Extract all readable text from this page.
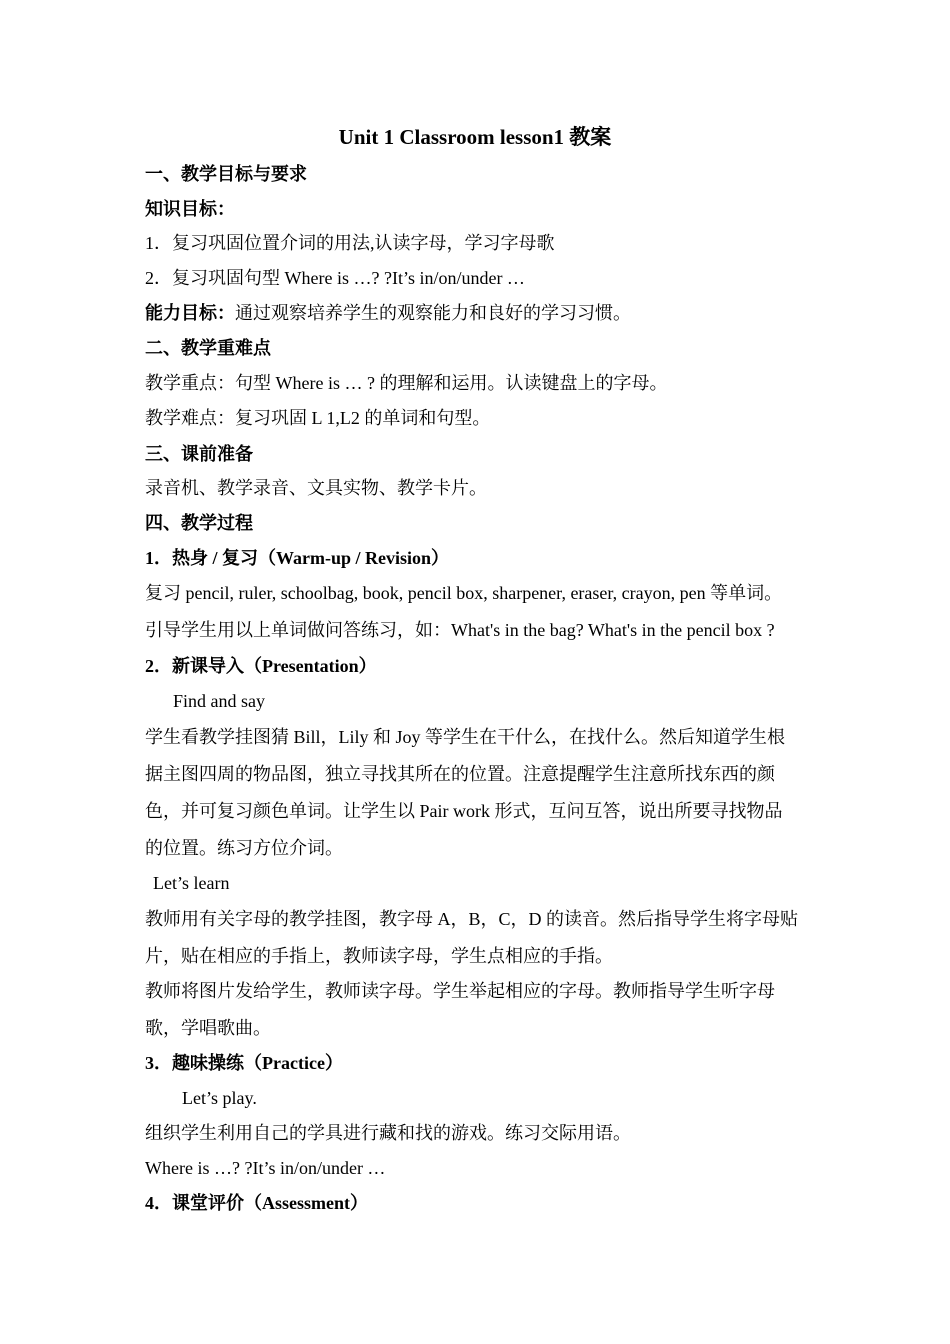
Unit 1 Classroom lesson1 教案
一、教学目标与要求
知识目标：
1．复习巩固位置介词的用法,认读字母，学习字母歌
2．复习巩固句型 Where is …? ?It’s in/on/under …
能力目标：通过观察培养学生的观察能力和良好的学习习惯。
二、教学重难点
教学重点：句型 Where is … ? 的理解和运用。认读键盘上的字母。
教学难点：复习巩固 L 1,L2 的单词和句型。
三、课前准备
录音机、教学录音、文具实物、教学卡片。
四、教学过程
1．热身 / 复习（Warm-up / Revision）
复习 pencil, ruler, schoolbag, book, pencil box, sharpener, eraser, crayon, pen 等单词。
引导学生用以上单词做问答练习，如：What's in the bag? What's in the pencil box ?
2．新课导入（Presentation）
Find and say
学生看教学挂图猜 Bill，Lily 和 Joy 等学生在干什么，在找什么。然后知道学生根
据主图四周的物品图，独立寻找其所在的位置。注意提醒学生注意所找东西的颜
色，并可复习颜色单词。让学生以 Pair work 形式，互问互答，说出所要寻找物品
的位置。练习方位介词。
Let’s learn
教师用有关字母的教学挂图，教字母 A，B，C，D 的读音。然后指导学生将字母贴
片，贴在相应的手指上，教师读字母，学生点相应的手指。
教师将图片发给学生，教师读字母。学生举起相应的字母。教师指导学生听字母
歌，学唱歌曲。
3．趣味操练（Practice）
Let’s play.
组织学生利用自己的学具进行藏和找的游戏。练习交际用语。
Where is …? ?It’s in/on/under …
4．课堂评价（Assessment）
